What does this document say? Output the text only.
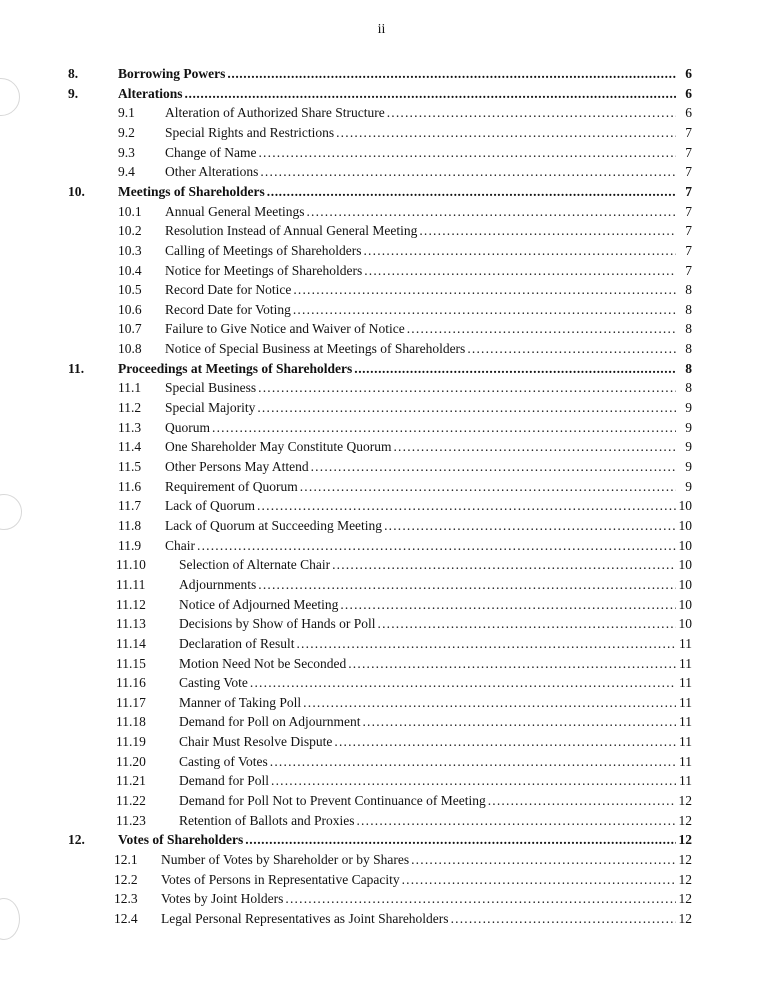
ii
8.	Borrowing Powers .....	6
9.	Alterations .....	6
9.1 Alteration of Authorized Share Structure .....	6
9.2 Special Rights and Restrictions .....	7
9.3 Change of Name .....	7
9.4 Other Alterations .....	7
10. Meetings of Shareholders .....	7
10.1 Annual General Meetings .....	7
10.2 Resolution Instead of Annual General Meeting .....	7
10.3 Calling of Meetings of Shareholders .....	7
10.4 Notice for Meetings of Shareholders .....	7
10.5 Record Date for Notice .....	8
10.6 Record Date for Voting .....	8
10.7 Failure to Give Notice and Waiver of Notice .....	8
10.8 Notice of Special Business at Meetings of Shareholders .....	8
11.	Proceedings at Meetings of Shareholders .....	8
11.1 Special Business .....	8
11.2 Special Majority .....	9
11.3 Quorum .....	9
11.4 One Shareholder May Constitute Quorum .....	9
11.5 Other Persons May Attend .....	9
11.6 Requirement of Quorum .....	9
11.7 Lack of Quorum .....	10
11.8 Lack of Quorum at Succeeding Meeting .....	10
11.9 Chair .....	10
11.10 Selection of Alternate Chair .....	10
11.11 Adjournments .....	10
11.12 Notice of Adjourned Meeting .....	10
11.13 Decisions by Show of Hands or Poll .....	10
11.14 Declaration of Result .....	11
11.15 Motion Need Not be Seconded .....	11
11.16 Casting Vote .....	11
11.17 Manner of Taking Poll .....	11
11.18 Demand for Poll on Adjournment .....	11
11.19 Chair Must Resolve Dispute .....	11
11.20 Casting of Votes .....	11
11.21 Demand for Poll .....	11
11.22 Demand for Poll Not to Prevent Continuance of Meeting .....	12
11.23 Retention of Ballots and Proxies .....	12
12. Votes of Shareholders .....	12
12.1 Number of Votes by Shareholder or by Shares .....	12
12.2 Votes of Persons in Representative Capacity .....	12
12.3 Votes by Joint Holders .....	12
12.4 Legal Personal Representatives as Joint Shareholders .....	12
